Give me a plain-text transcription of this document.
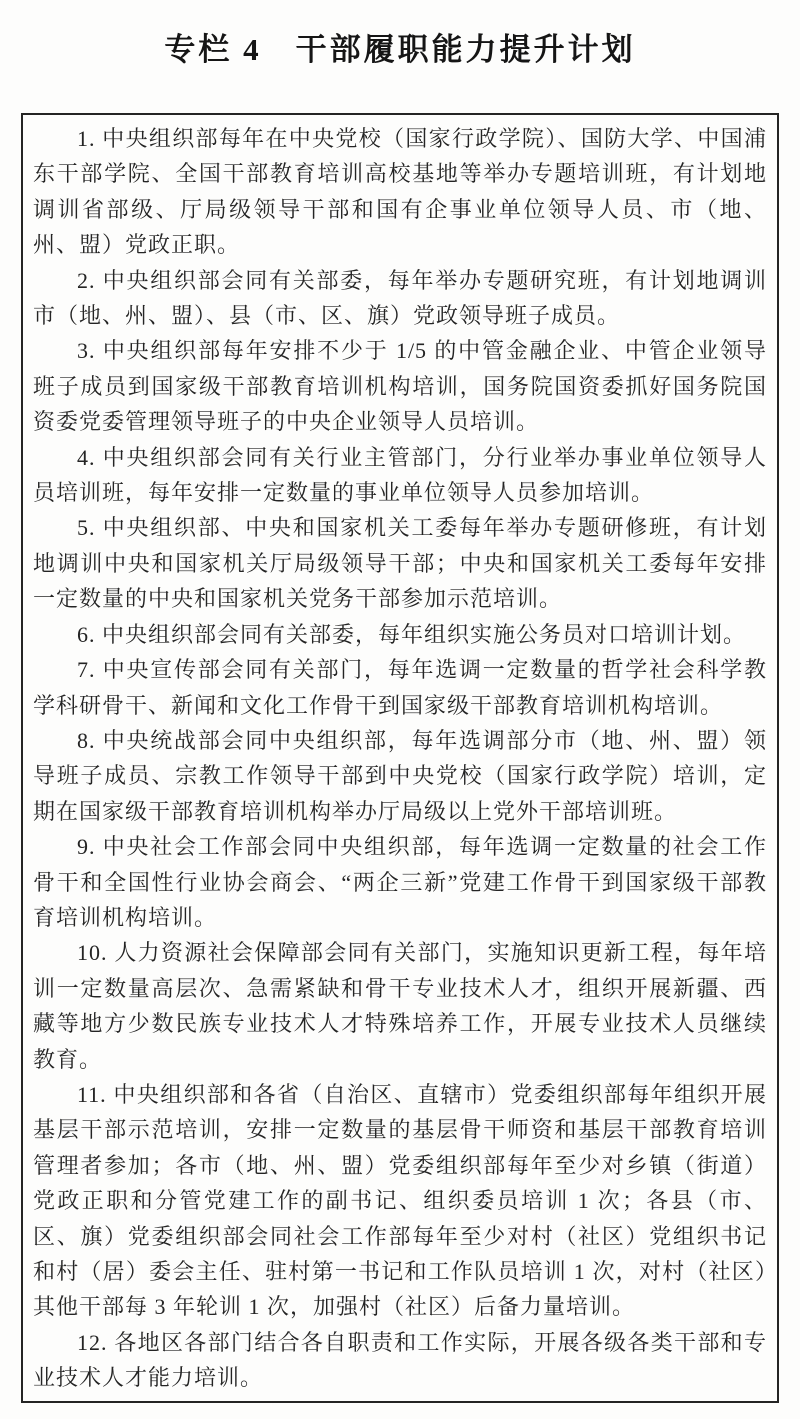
专栏 4　干部履职能力提升计划

1. 中央组织部每年在中央党校（国家行政学院）、国防大学、中国浦东干部学院、全国干部教育培训高校基地等举办专题培训班，有计划地调训省部级、厅局级领导干部和国有企事业单位领导人员、市（地、州、盟）党政正职。

2. 中央组织部会同有关部委，每年举办专题研究班，有计划地调训市（地、州、盟）、县（市、区、旗）党政领导班子成员。

3. 中央组织部每年安排不少于 1/5 的中管金融企业、中管企业领导班子成员到国家级干部教育培训机构培训，国务院国资委抓好国务院国资委党委管理领导班子的中央企业领导人员培训。

4. 中央组织部会同有关行业主管部门，分行业举办事业单位领导人员培训班，每年安排一定数量的事业单位领导人员参加培训。

5. 中央组织部、中央和国家机关工委每年举办专题研修班，有计划地调训中央和国家机关厅局级领导干部；中央和国家机关工委每年安排一定数量的中央和国家机关党务干部参加示范培训。

6. 中央组织部会同有关部委，每年组织实施公务员对口培训计划。

7. 中央宣传部会同有关部门，每年选调一定数量的哲学社会科学教学科研骨干、新闻和文化工作骨干到国家级干部教育培训机构培训。

8. 中央统战部会同中央组织部，每年选调部分市（地、州、盟）领导班子成员、宗教工作领导干部到中央党校（国家行政学院）培训，定期在国家级干部教育培训机构举办厅局级以上党外干部培训班。

9. 中央社会工作部会同中央组织部，每年选调一定数量的社会工作骨干和全国性行业协会商会、“两企三新”党建工作骨干到国家级干部教育培训机构培训。

10. 人力资源社会保障部会同有关部门，实施知识更新工程，每年培训一定数量高层次、急需紧缺和骨干专业技术人才，组织开展新疆、西藏等地方少数民族专业技术人才特殊培养工作，开展专业技术人员继续教育。

11. 中央组织部和各省（自治区、直辖市）党委组织部每年组织开展基层干部示范培训，安排一定数量的基层骨干师资和基层干部教育培训管理者参加；各市（地、州、盟）党委组织部每年至少对乡镇（街道）党政正职和分管党建工作的副书记、组织委员培训 1 次；各县（市、区、旗）党委组织部会同社会工作部每年至少对村（社区）党组织书记和村（居）委会主任、驻村第一书记和工作队员培训 1 次，对村（社区）其他干部每 3 年轮训 1 次，加强村（社区）后备力量培训。

12. 各地区各部门结合各自职责和工作实际，开展各级各类干部和专业技术人才能力培训。
